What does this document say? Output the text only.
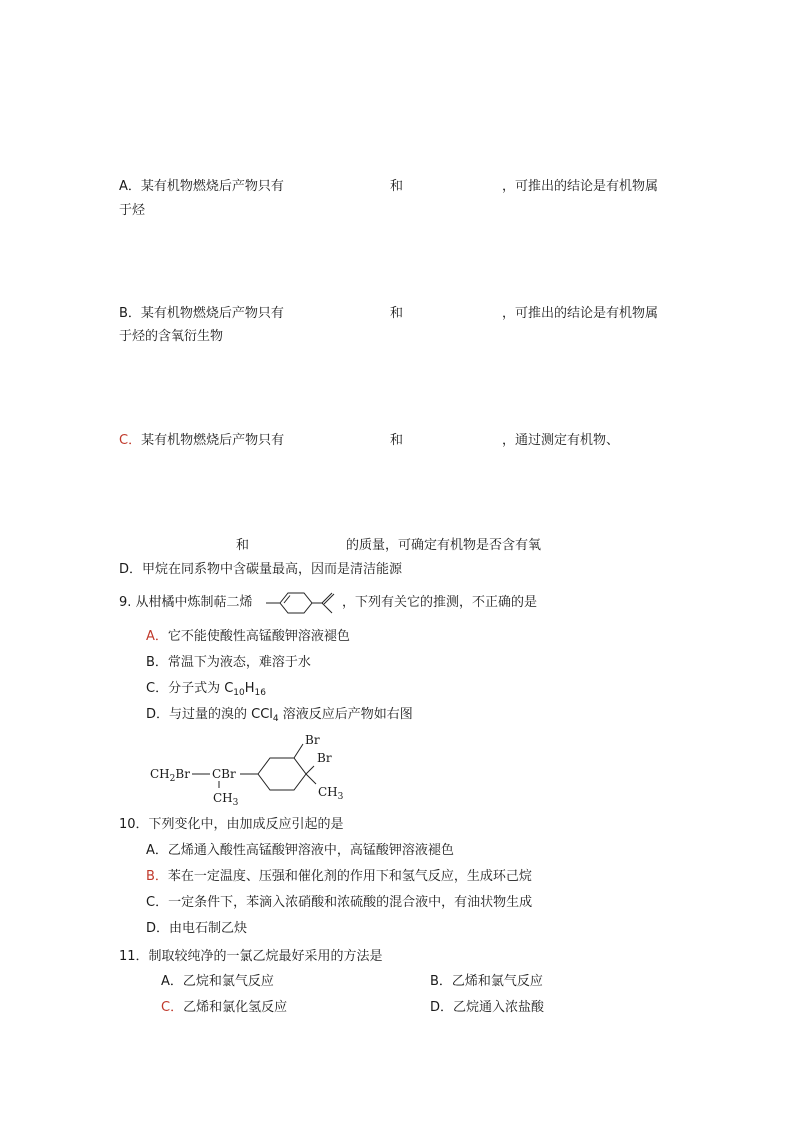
A．某有机物燃烧后产物只有	和	，可推出的结论是有机物属
于烃
B．某有机物燃烧后产物只有	和	，可推出的结论是有机物属
于烃的含氧衍生物
C．某有机物燃烧后产物只有	和	，通过测定有机物、
和	的质量，可确定有机物是否含有氧
D．甲烷在同系物中含碳量最高，因而是清洁能源
9. 从柑橘中炼制萜二烯	，下列有关它的推测，不正确的是
A．它不能使酸性高锰酸钾溶液褪色
B．常温下为液态，难溶于水
C．分子式为 $C_{10}H_{16}$
D．与过量的溴的 CCl$_4$ 溶液反应后产物如右图
$CH_2Br$ CBr
$CH_3$
Br
Br
$CH_3$
10．下列变化中，由加成反应引起的是
A．乙烯通入酸性高锰酸钾溶液中，高锰酸钾溶液褪色
B．苯在一定温度、压强和催化剂的作用下和氢气反应，生成环己烷
C．一定条件下，苯滴入浓硝酸和浓硫酸的混合液中，有油状物生成
D．由电石制乙炔
11．制取较纯净的一氯乙烷最好采用的方法是
A．乙烷和氯气反应	B．乙烯和氯气反应
C．乙烯和氯化氢反应	D．乙烷通入浓盐酸
